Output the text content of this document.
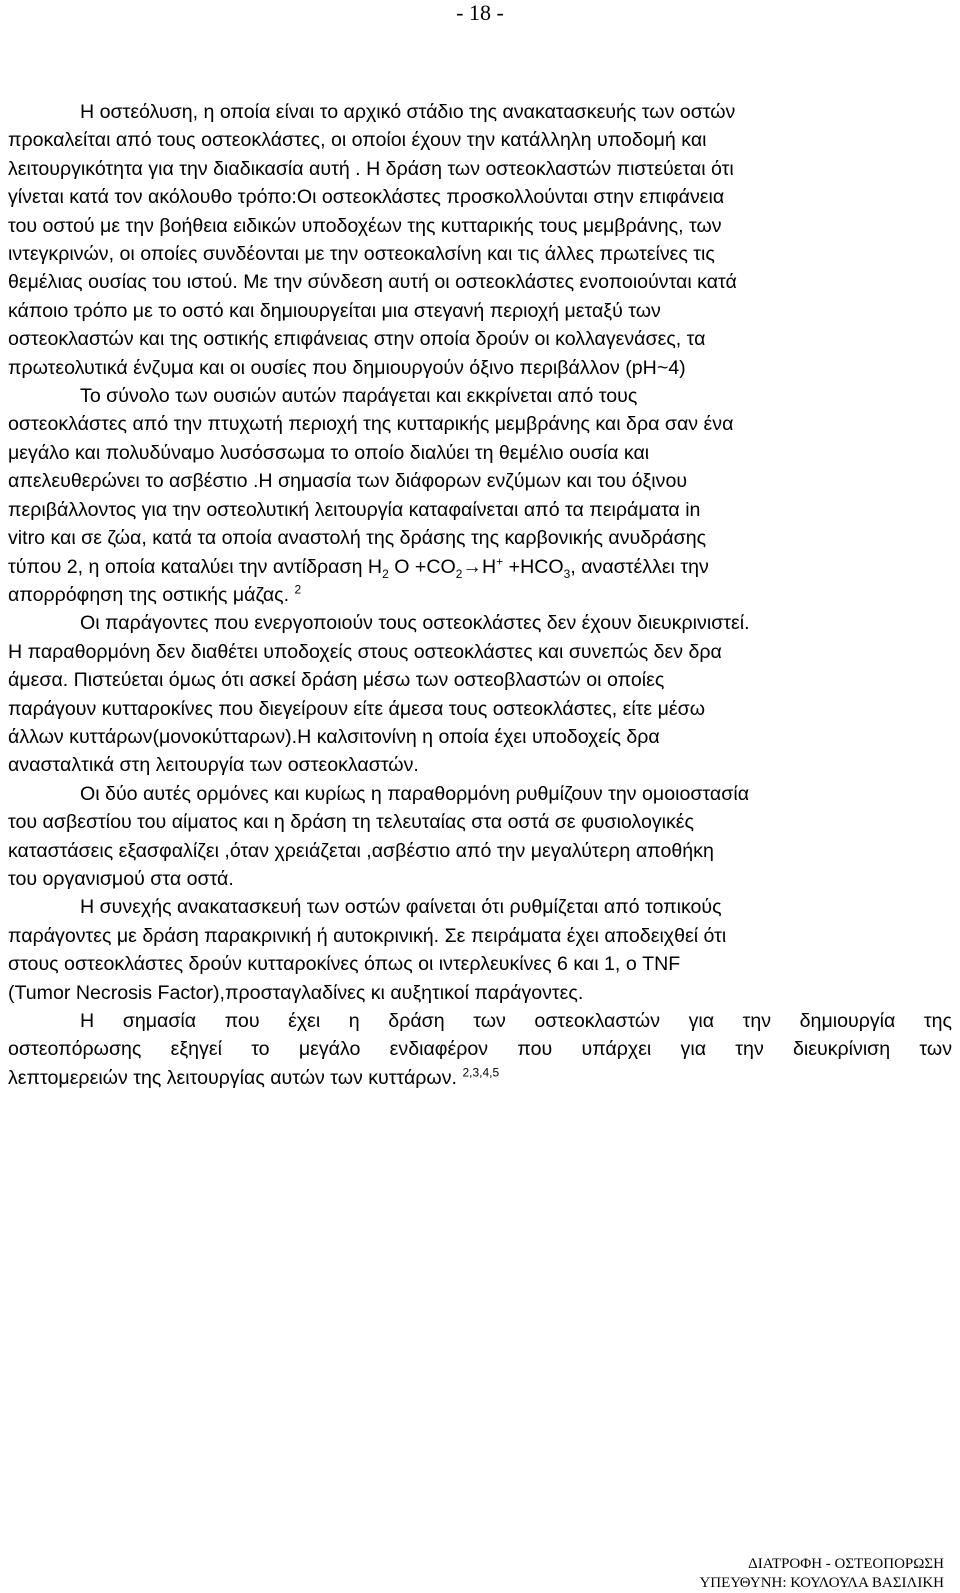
- 18 -
Η οστεόλυση, η οποία είναι το αρχικό στάδιο της ανακατασκευής των οστών
προκαλείται από τους οστεοκλάστες, οι οποίοι έχουν την κατάλληλη υποδομή και
λειτουργικότητα για την διαδικασία αυτή . Η δράση των οστεοκλαστών πιστεύεται ότι
γίνεται κατά τον ακόλουθο τρόπο:Οι οστεοκλάστες προσκολλούνται στην επιφάνεια
του οστού με την βοήθεια ειδικών υποδοχέων της κυτταρικής τους μεμβράνης, των
ιντεγκρινών, οι οποίες συνδέονται με την οστεοκαλσίνη και τις άλλες πρωτείνες τις
θεμέλιας ουσίας του ιστού. Με την σύνδεση αυτή οι οστεοκλάστες ενοποιούνται κατά
κάποιο τρόπο με το οστό και δημιουργείται μια στεγανή περιοχή μεταξύ των
οστεοκλαστών και της οστικής επιφάνειας στην οποία δρούν οι κολλαγενάσες, τα
πρωτεολυτικά ένζυμα και οι ουσίες που δημιουργούν όξινο περιβάλλον (pH~4)
Το σύνολο των ουσιών αυτών παράγεται και εκκρίνεται από τους
οστεοκλάστες από την πτυχωτή περιοχή της κυτταρικής μεμβράνης και δρα σαν ένα
μεγάλο και πολυδύναμο λυσόσσωμα το οποίο διαλύει τη θεμέλιο ουσία και
απελευθερώνει το ασβέστιο .Η σημασία των διάφορων ενζύμων και του όξινου
περιβάλλοντος για την οστεολυτική λειτουργία καταφαίνεται από τα πειράματα in
vitro και σε ζώα, κατά τα οποία αναστολή της δράσης της καρβονικής ανυδράσης
τύπου 2, η οποία καταλύει την αντίδραση $H_2$ $O +CO_2\to H^+ +HCO_3$, αναστέλλει την
απορρόφηση της οστικής μάζας. $^2$
Οι παράγοντες που ενεργοποιούν τους οστεοκλάστες δεν έχουν διευκρινιστεί.
Η παραθορμόνη δεν διαθέτει υποδοχείς στους οστεοκλάστες και συνεπώς δεν δρα
άμεσα. Πιστεύεται όμως ότι ασκεί δράση μέσω των οστεοβλαστών οι οποίες
παράγουν κυτταροκίνες που διεγείρουν είτε άμεσα τους οστεοκλάστες, είτε μέσω
άλλων κυττάρων(μονοκύτταρων).Η καλσιτονίνη η οποία έχει υποδοχείς δρα
ανασταλτικά στη λειτουργία των οστεοκλαστών.
Οι δύο αυτές ορμόνες και κυρίως η παραθορμόνη ρυθμίζουν την ομοιοστασία
του ασβεστίου του αίματος και η δράση τη τελευταίας στα οστά σε φυσιολογικές
καταστάσεις εξασφαλίζει ,όταν χρειάζεται ,ασβέστιο από την μεγαλύτερη αποθήκη
του οργανισμού στα οστά.
Η συνεχής ανακατασκευή των οστών φαίνεται ότι ρυθμίζεται από τοπικούς
παράγοντες με δράση παρακρινική ή αυτοκρινική. Σε πειράματα έχει αποδειχθεί ότι
στους οστεοκλάστες δρούν κυτταροκίνες όπως οι ιντερλευκίνες 6 και 1, ο TNF
(Tumor Necrosis Factor),προσταγλαδίνες κι αυξητικοί παράγοντες.
Η σημασία που έχει η δράση των οστεοκλαστών για την δημιουργία της
οστεοπόρωσης εξηγεί το μεγάλο ενδιαφέρον που υπάρχει για την διευκρίνιση των
λεπτομερειών της λειτουργίας αυτών των κυττάρων. $^{2,3,4,5}$
ΔΙΑΤΡΟΦΗ - ΟΣΤΕΟΠΟΡΩΣΗ
ΥΠΕΥΘΥΝΗ: ΚΟΥΛΟΥΛΑ ΒΑΣΙΛΙΚΗ
